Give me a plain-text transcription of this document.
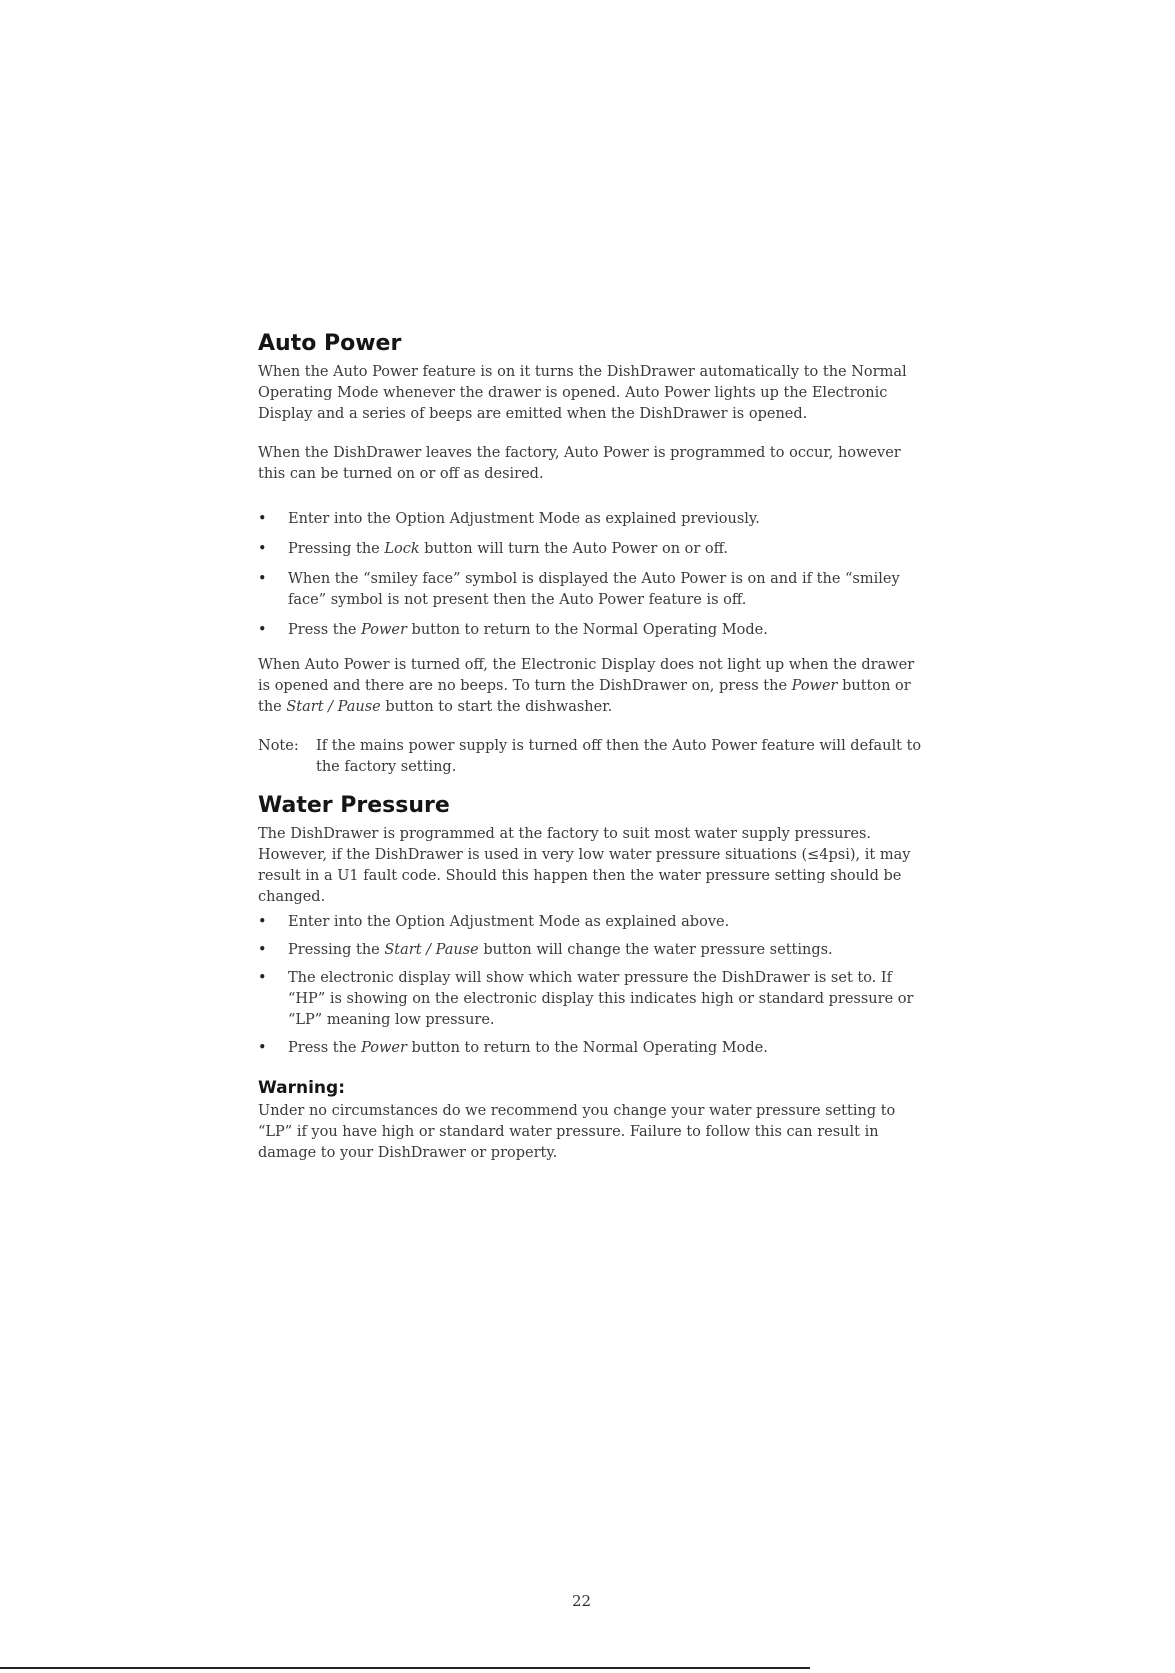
Auto Power

When the Auto Power feature is on it turns the DishDrawer automatically to the Normal Operating Mode whenever the drawer is opened. Auto Power lights up the Electronic Display and a series of beeps are emitted when the DishDrawer is opened.

When the DishDrawer leaves the factory, Auto Power is programmed to occur, however this can be turned on or off as desired.

• Enter into the Option Adjustment Mode as explained previously.
• Pressing the Lock button will turn the Auto Power on or off.
• When the “smiley face” symbol is displayed the Auto Power is on and if the “smiley face” symbol is not present then the Auto Power feature is off.
• Press the Power button to return to the Normal Operating Mode.

When Auto Power is turned off, the Electronic Display does not light up when the drawer is opened and there are no beeps. To turn the DishDrawer on, press the Power button or the Start / Pause button to start the dishwasher.

Note:	If the mains power supply is turned off then the Auto Power feature will default to the factory setting.
Water Pressure

The DishDrawer is programmed at the factory to suit most water supply pressures. However, if the DishDrawer is used in very low water pressure situations (≤4psi), it may result in a U1 fault code. Should this happen then the water pressure setting should be changed.

• Enter into the Option Adjustment Mode as explained above.
• Pressing the Start / Pause button will change the water pressure settings.
• The electronic display will show which water pressure the DishDrawer is set to. If “HP” is showing on the electronic display this indicates high or standard pressure or “LP” meaning low pressure.
• Press the Power button to return to the Normal Operating Mode.
Warning:

Under no circumstances do we recommend you change your water pressure setting to “LP” if you have high or standard water pressure. Failure to follow this can result in damage to your DishDrawer or property.

22
